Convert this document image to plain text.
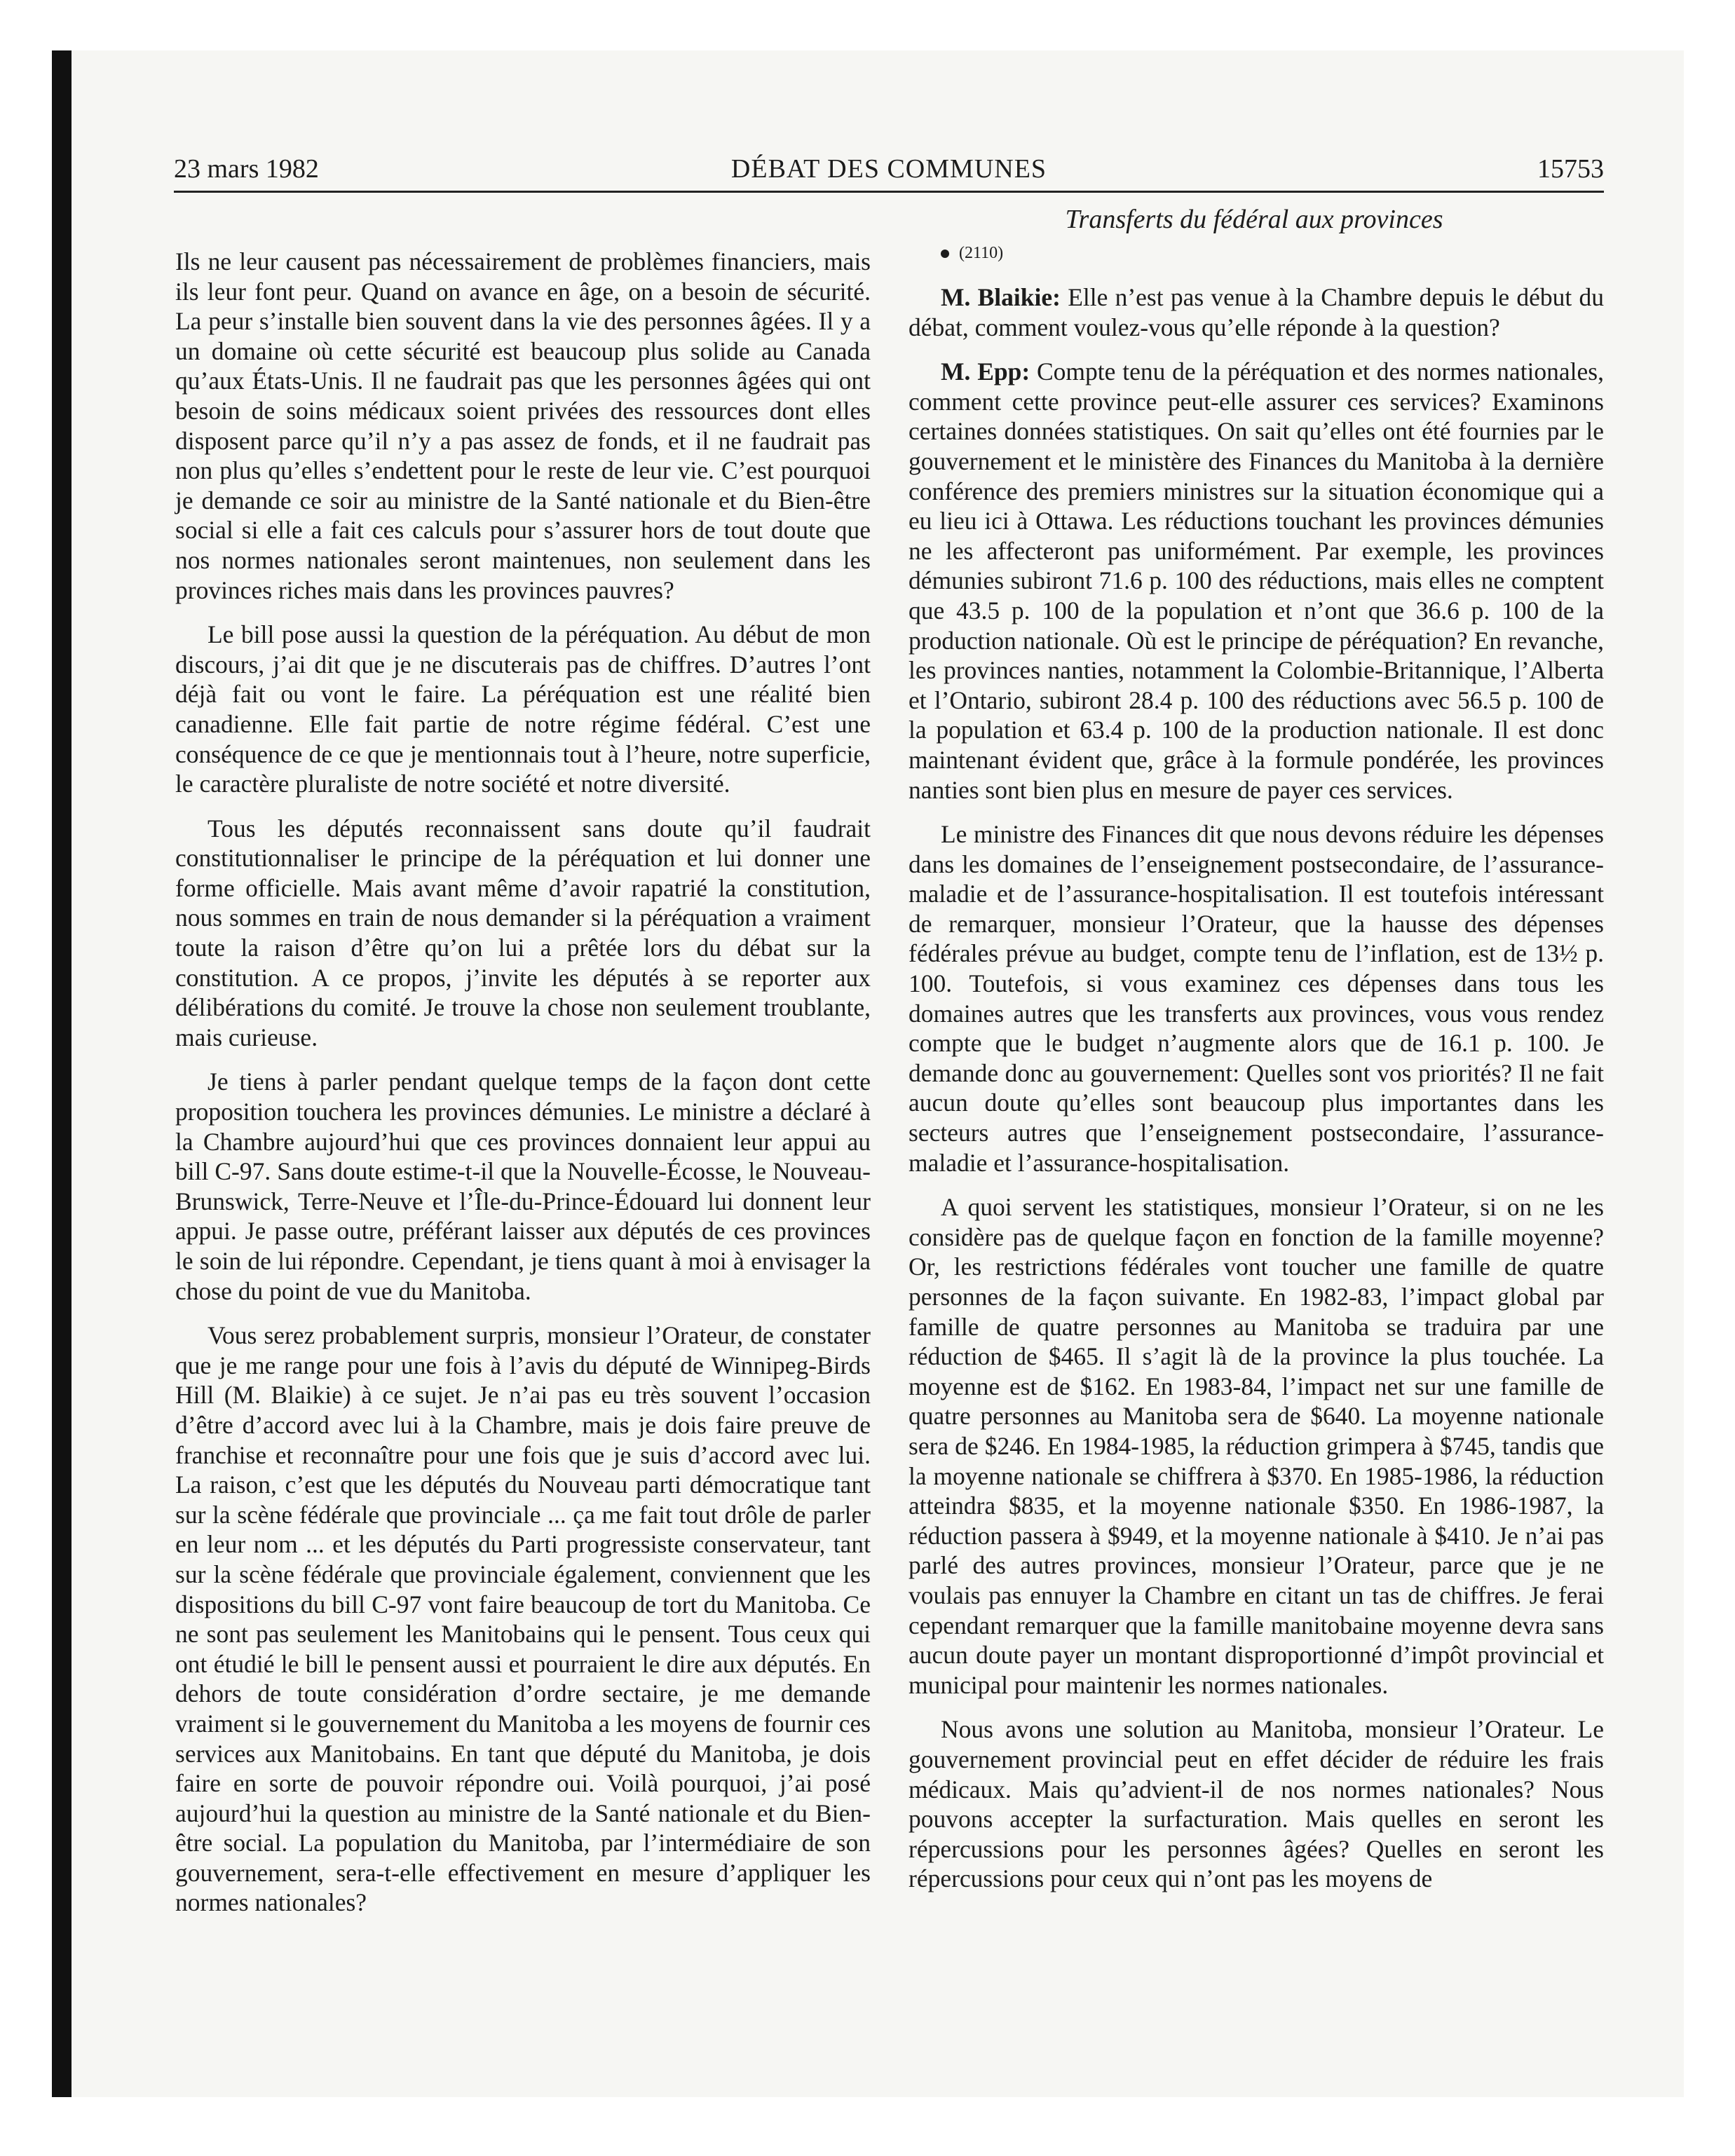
23 mars 1982	DÉBAT DES COMMUNES	15753
Transferts du fédéral aux provinces

Ils ne leur causent pas nécessairement de problèmes financiers, mais ils leur font peur. Quand on avance en âge, on a besoin de sécurité. La peur s’installe bien souvent dans la vie des personnes âgées. Il y a un domaine où cette sécurité est beaucoup plus solide au Canada qu’aux États-Unis. Il ne faudrait pas que les personnes âgées qui ont besoin de soins médicaux soient privées des ressources dont elles disposent parce qu’il n’y a pas assez de fonds, et il ne faudrait pas non plus qu’elles s’endettent pour le reste de leur vie. C’est pourquoi je demande ce soir au ministre de la Santé nationale et du Bien-être social si elle a fait ces calculs pour s’assurer hors de tout doute que nos normes nationales seront maintenues, non seulement dans les provinces riches mais dans les provinces pauvres?

Le bill pose aussi la question de la péréquation. Au début de mon discours, j’ai dit que je ne discuterais pas de chiffres. D’autres l’ont déjà fait ou vont le faire. La péréquation est une réalité bien canadienne. Elle fait partie de notre régime fédéral. C’est une conséquence de ce que je mentionnais tout à l’heure, notre superficie, le caractère pluraliste de notre société et notre diversité.

Tous les députés reconnaissent sans doute qu’il faudrait constitutionnaliser le principe de la péréquation et lui donner une forme officielle. Mais avant même d’avoir rapatrié la constitution, nous sommes en train de nous demander si la péréquation a vraiment toute la raison d’être qu’on lui a prêtée lors du débat sur la constitution. A ce propos, j’invite les députés à se reporter aux délibérations du comité. Je trouve la chose non seulement troublante, mais curieuse.

Je tiens à parler pendant quelque temps de la façon dont cette proposition touchera les provinces démunies. Le ministre a déclaré à la Chambre aujourd’hui que ces provinces donnaient leur appui au bill C-97. Sans doute estime-t-il que la Nouvelle-Écosse, le Nouveau-Brunswick, Terre-Neuve et l’Île-du-Prince-Édouard lui donnent leur appui. Je passe outre, préférant laisser aux députés de ces provinces le soin de lui répondre. Cependant, je tiens quant à moi à envisager la chose du point de vue du Manitoba.

Vous serez probablement surpris, monsieur l’Orateur, de constater que je me range pour une fois à l’avis du député de Winnipeg-Birds Hill (M. Blaikie) à ce sujet. Je n’ai pas eu très souvent l’occasion d’être d’accord avec lui à la Chambre, mais je dois faire preuve de franchise et reconnaître pour une fois que je suis d’accord avec lui. La raison, c’est que les députés du Nouveau parti démocratique tant sur la scène fédérale que provinciale ... ça me fait tout drôle de parler en leur nom ... et les députés du Parti progressiste conservateur, tant sur la scène fédérale que provinciale également, conviennent que les dispositions du bill C-97 vont faire beaucoup de tort du Manitoba. Ce ne sont pas seulement les Manitobains qui le pensent. Tous ceux qui ont étudié le bill le pensent aussi et pourraient le dire aux députés. En dehors de toute considération d’ordre sectaire, je me demande vraiment si le gouvernement du Manitoba a les moyens de fournir ces services aux Manitobains. En tant que député du Manitoba, je dois faire en sorte de pouvoir répondre oui. Voilà pourquoi, j’ai posé aujourd’hui la question au ministre de la Santé nationale et du Bien-être social. La population du Manitoba, par l’intermédiaire de son gouvernement, sera-t-elle effectivement en mesure d’appliquer les normes nationales?

(2110)

M. Blaikie: Elle n’est pas venue à la Chambre depuis le début du débat, comment voulez-vous qu’elle réponde à la question?

M. Epp: Compte tenu de la péréquation et des normes nationales, comment cette province peut-elle assurer ces services? Examinons certaines données statistiques. On sait qu’elles ont été fournies par le gouvernement et le ministère des Finances du Manitoba à la dernière conférence des premiers ministres sur la situation économique qui a eu lieu ici à Ottawa. Les réductions touchant les provinces démunies ne les affecteront pas uniformément. Par exemple, les provinces démunies subiront 71.6 p. 100 des réductions, mais elles ne comptent que 43.5 p. 100 de la population et n’ont que 36.6 p. 100 de la production nationale. Où est le principe de péréquation? En revanche, les provinces nanties, notamment la Colombie-Britannique, l’Alberta et l’Ontario, subiront 28.4 p. 100 des réductions avec 56.5 p. 100 de la population et 63.4 p. 100 de la production nationale. Il est donc maintenant évident que, grâce à la formule pondérée, les provinces nanties sont bien plus en mesure de payer ces services.

Le ministre des Finances dit que nous devons réduire les dépenses dans les domaines de l’enseignement postsecondaire, de l’assurance-maladie et de l’assurance-hospitalisation. Il est toutefois intéressant de remarquer, monsieur l’Orateur, que la hausse des dépenses fédérales prévue au budget, compte tenu de l’inflation, est de 13½ p. 100. Toutefois, si vous examinez ces dépenses dans tous les domaines autres que les transferts aux provinces, vous vous rendez compte que le budget n’augmente alors que de 16.1 p. 100. Je demande donc au gouvernement: Quelles sont vos priorités? Il ne fait aucun doute qu’elles sont beaucoup plus importantes dans les secteurs autres que l’enseignement postsecondaire, l’assurance-maladie et l’assurance-hospitalisation.

A quoi servent les statistiques, monsieur l’Orateur, si on ne les considère pas de quelque façon en fonction de la famille moyenne? Or, les restrictions fédérales vont toucher une famille de quatre personnes de la façon suivante. En 1982-83, l’impact global par famille de quatre personnes au Manitoba se traduira par une réduction de $465. Il s’agit là de la province la plus touchée. La moyenne est de $162. En 1983-84, l’impact net sur une famille de quatre personnes au Manitoba sera de $640. La moyenne nationale sera de $246. En 1984-1985, la réduction grimpera à $745, tandis que la moyenne nationale se chiffrera à $370. En 1985-1986, la réduction atteindra $835, et la moyenne nationale $350. En 1986-1987, la réduction passera à $949, et la moyenne nationale à $410. Je n’ai pas parlé des autres provinces, monsieur l’Orateur, parce que je ne voulais pas ennuyer la Chambre en citant un tas de chiffres. Je ferai cependant remarquer que la famille manitobaine moyenne devra sans aucun doute payer un montant disproportionné d’impôt provincial et municipal pour maintenir les normes nationales.

Nous avons une solution au Manitoba, monsieur l’Orateur. Le gouvernement provincial peut en effet décider de réduire les frais médicaux. Mais qu’advient-il de nos normes nationales? Nous pouvons accepter la surfacturation. Mais quelles en seront les répercussions pour les personnes âgées? Quelles en seront les répercussions pour ceux qui n’ont pas les moyens de
